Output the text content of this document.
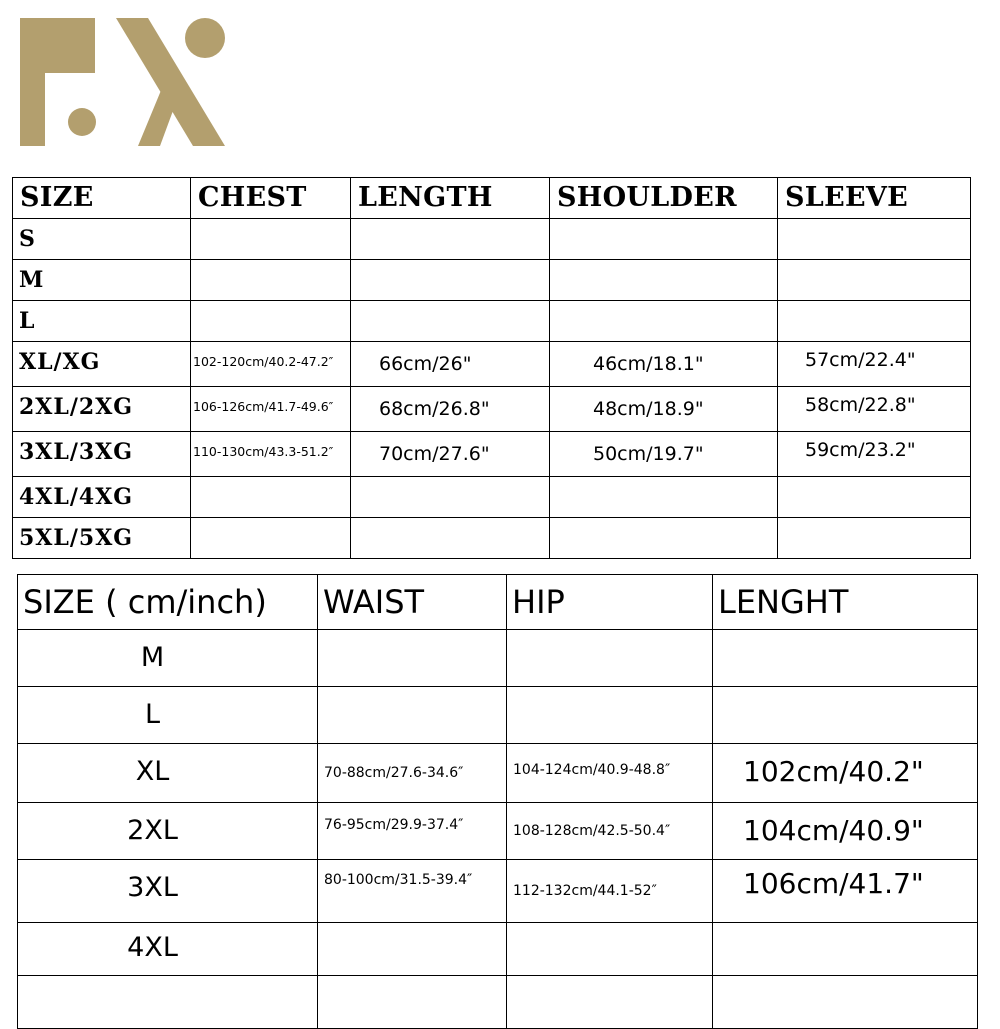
SIZE	CHEST	LENGTH	SHOULDER	SLEEVE
S				
M				
L				
XL/XG	102-120cm/40.2-47.2″	66cm/26"	46cm/18.1"	57cm/22.4"
2XL/2XG	106-126cm/41.7-49.6″	68cm/26.8"	48cm/18.9"	58cm/22.8"
3XL/3XG	110-130cm/43.3-51.2″	70cm/27.6"	50cm/19.7"	59cm/23.2"
4XL/4XG				
5XL/5XG				
SIZE ( cm/inch)	WAIST	HIP	LENGHT
M			
L			
XL	70-88cm/27.6-34.6″	104-124cm/40.9-48.8″	102cm/40.2"
2XL	76-95cm/29.9-37.4″	108-128cm/42.5-50.4″	104cm/40.9"
3XL	80-100cm/31.5-39.4″	112-132cm/44.1-52″	106cm/41.7"
4XL			
